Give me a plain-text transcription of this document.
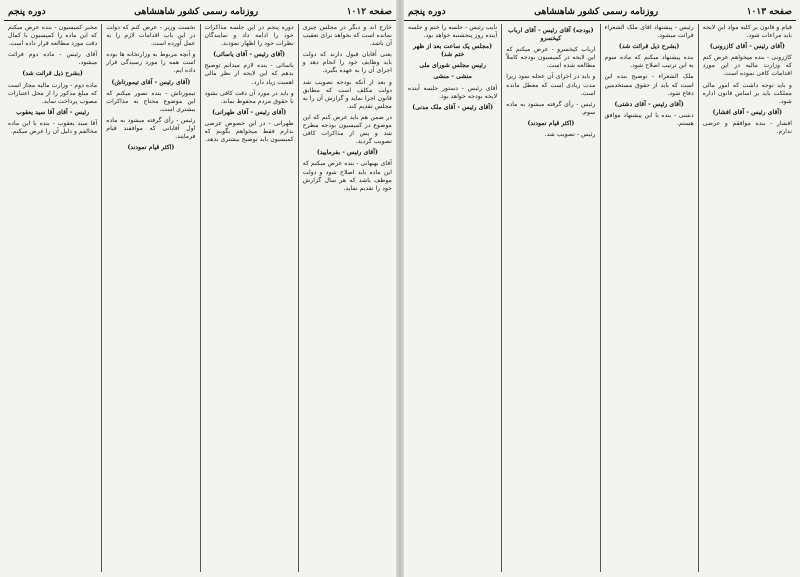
صفحه ۱۰۱۳
روزنامه رسمی کشور شاهنشاهی
دوره پنجم

قیام و قانون بر کلیه مواد این لایحه باید مراعات شود.

(آقای رئیس - آقای کازرونی)

کازرونی - بنده میخواهم عرض کنم که وزارت مالیه در این مورد اقدامات کافی نموده است.

و باید توجه داشت که امور مالی مملکت باید بر اساس قانون اداره شود.

(آقای رئیس - آقای افشار)

افشار - بنده موافقم و عرضی ندارم.

رئیس - پیشنهاد آقای ملک الشعراء قرائت میشود.

(بشرح ذیل قرائت شد)

بنده پیشنهاد میکنم که ماده سوم به این ترتیب اصلاح شود.

ملک الشعراء - توضیح بنده این است که باید از حقوق مستخدمین دفاع شود.

(آقای رئیس - آقای دشتی)

دشتی - بنده با این پیشنهاد موافق هستم.

(بودجه) آقای رئیس - آقای ارباب کیخسرو

ارباب کیخسرو - عرض میکنم که این لایحه در کمیسیون بودجه کاملاً مطالعه شده است.

و باید در اجرای آن عجله نمود زیرا مدت زیادی است که معطل مانده است.

رئیس - رأی گرفته میشود به ماده سوم.

(اکثر قیام نمودند)

رئیس - تصویب شد.

نایب رئیس - جلسه را ختم و جلسه آینده روز پنجشنبه خواهد بود.

(مجلس یک ساعت بعد از ظهر ختم شد)

رئیس مجلس شورای ملی

منشی - منشی

آقای رئیس - دستور جلسه آینده لایحه بودجه خواهد بود.

(آقای رئیس - آقای ملک مدنی)

صفحه ۱۰۱۲
روزنامه رسمی کشور شاهنشاهی
دوره پنجم

خارج اند و دیگر در مجلس چیزی نمانده است که بخواهد برای تعقیب آن باشد.

یعنی آقایان قبول دارند که دولت باید وظایف خود را انجام دهد و اجرای آن را به عهده بگیرد.

و بعد از آنکه بودجه تصویب شد دولت مکلف است که مطابق قانون اجرا نماید و گزارش آن را به مجلس تقدیم کند.

در ضمن هم باید عرض کنم که این موضوع در کمیسیون بودجه مطرح شد و پس از مذاکرات کافی تصویب گردید.

(آقای رئیس - بفرمایید)

آقای بهبهانی - بنده عرض میکنم که این ماده باید اصلاح شود و دولت موظف باشد که هر سال گزارش خود را تقدیم نماید.

دوره پنجم در این جلسه مذاکرات خود را ادامه داد و نمایندگان نظرات خود را اظهار نمودند.

(آقای رئیس - آقای یاسائی)

یاسائی - بنده لازم میدانم توضیح بدهم که این لایحه از نظر مالی اهمیت زیاد دارد.

و باید در مورد آن دقت کافی بشود تا حقوق مردم محفوظ بماند.

(آقای رئیس - آقای طهرانی)

طهرانی - در این خصوص عرضی ندارم فقط میخواهم بگویم که کمیسیون باید توضیح بیشتری بدهد.

نخست وزیر - عرض کنم که دولت در این باب اقدامات لازم را به عمل آورده است.

و آنچه مربوط به وزارتخانه ها بوده است همه را مورد رسیدگی قرار داده ایم.

(آقای رئیس - آقای تیمورتاش)

تیمورتاش - بنده تصور میکنم که این موضوع محتاج به مذاکرات بیشتری است.

رئیس - رأی گرفته میشود به ماده اول آقایانی که موافقند قیام فرمایند.

(اکثر قیام نمودند)

مخبر کمیسیون - بنده عرض میکنم که این ماده را کمیسیون با کمال دقت مورد مطالعه قرار داده است.

آقای رئیس - ماده دوم قرائت میشود.

(بشرح ذیل قرائت شد)

ماده دوم - وزارت مالیه مجاز است که مبلغ مذکور را از محل اعتبارات مصوب پرداخت نماید.

رئیس - آقای آقا سید یعقوب

آقا سید یعقوب - بنده با این ماده مخالفم و دلیل آن را عرض میکنم.
